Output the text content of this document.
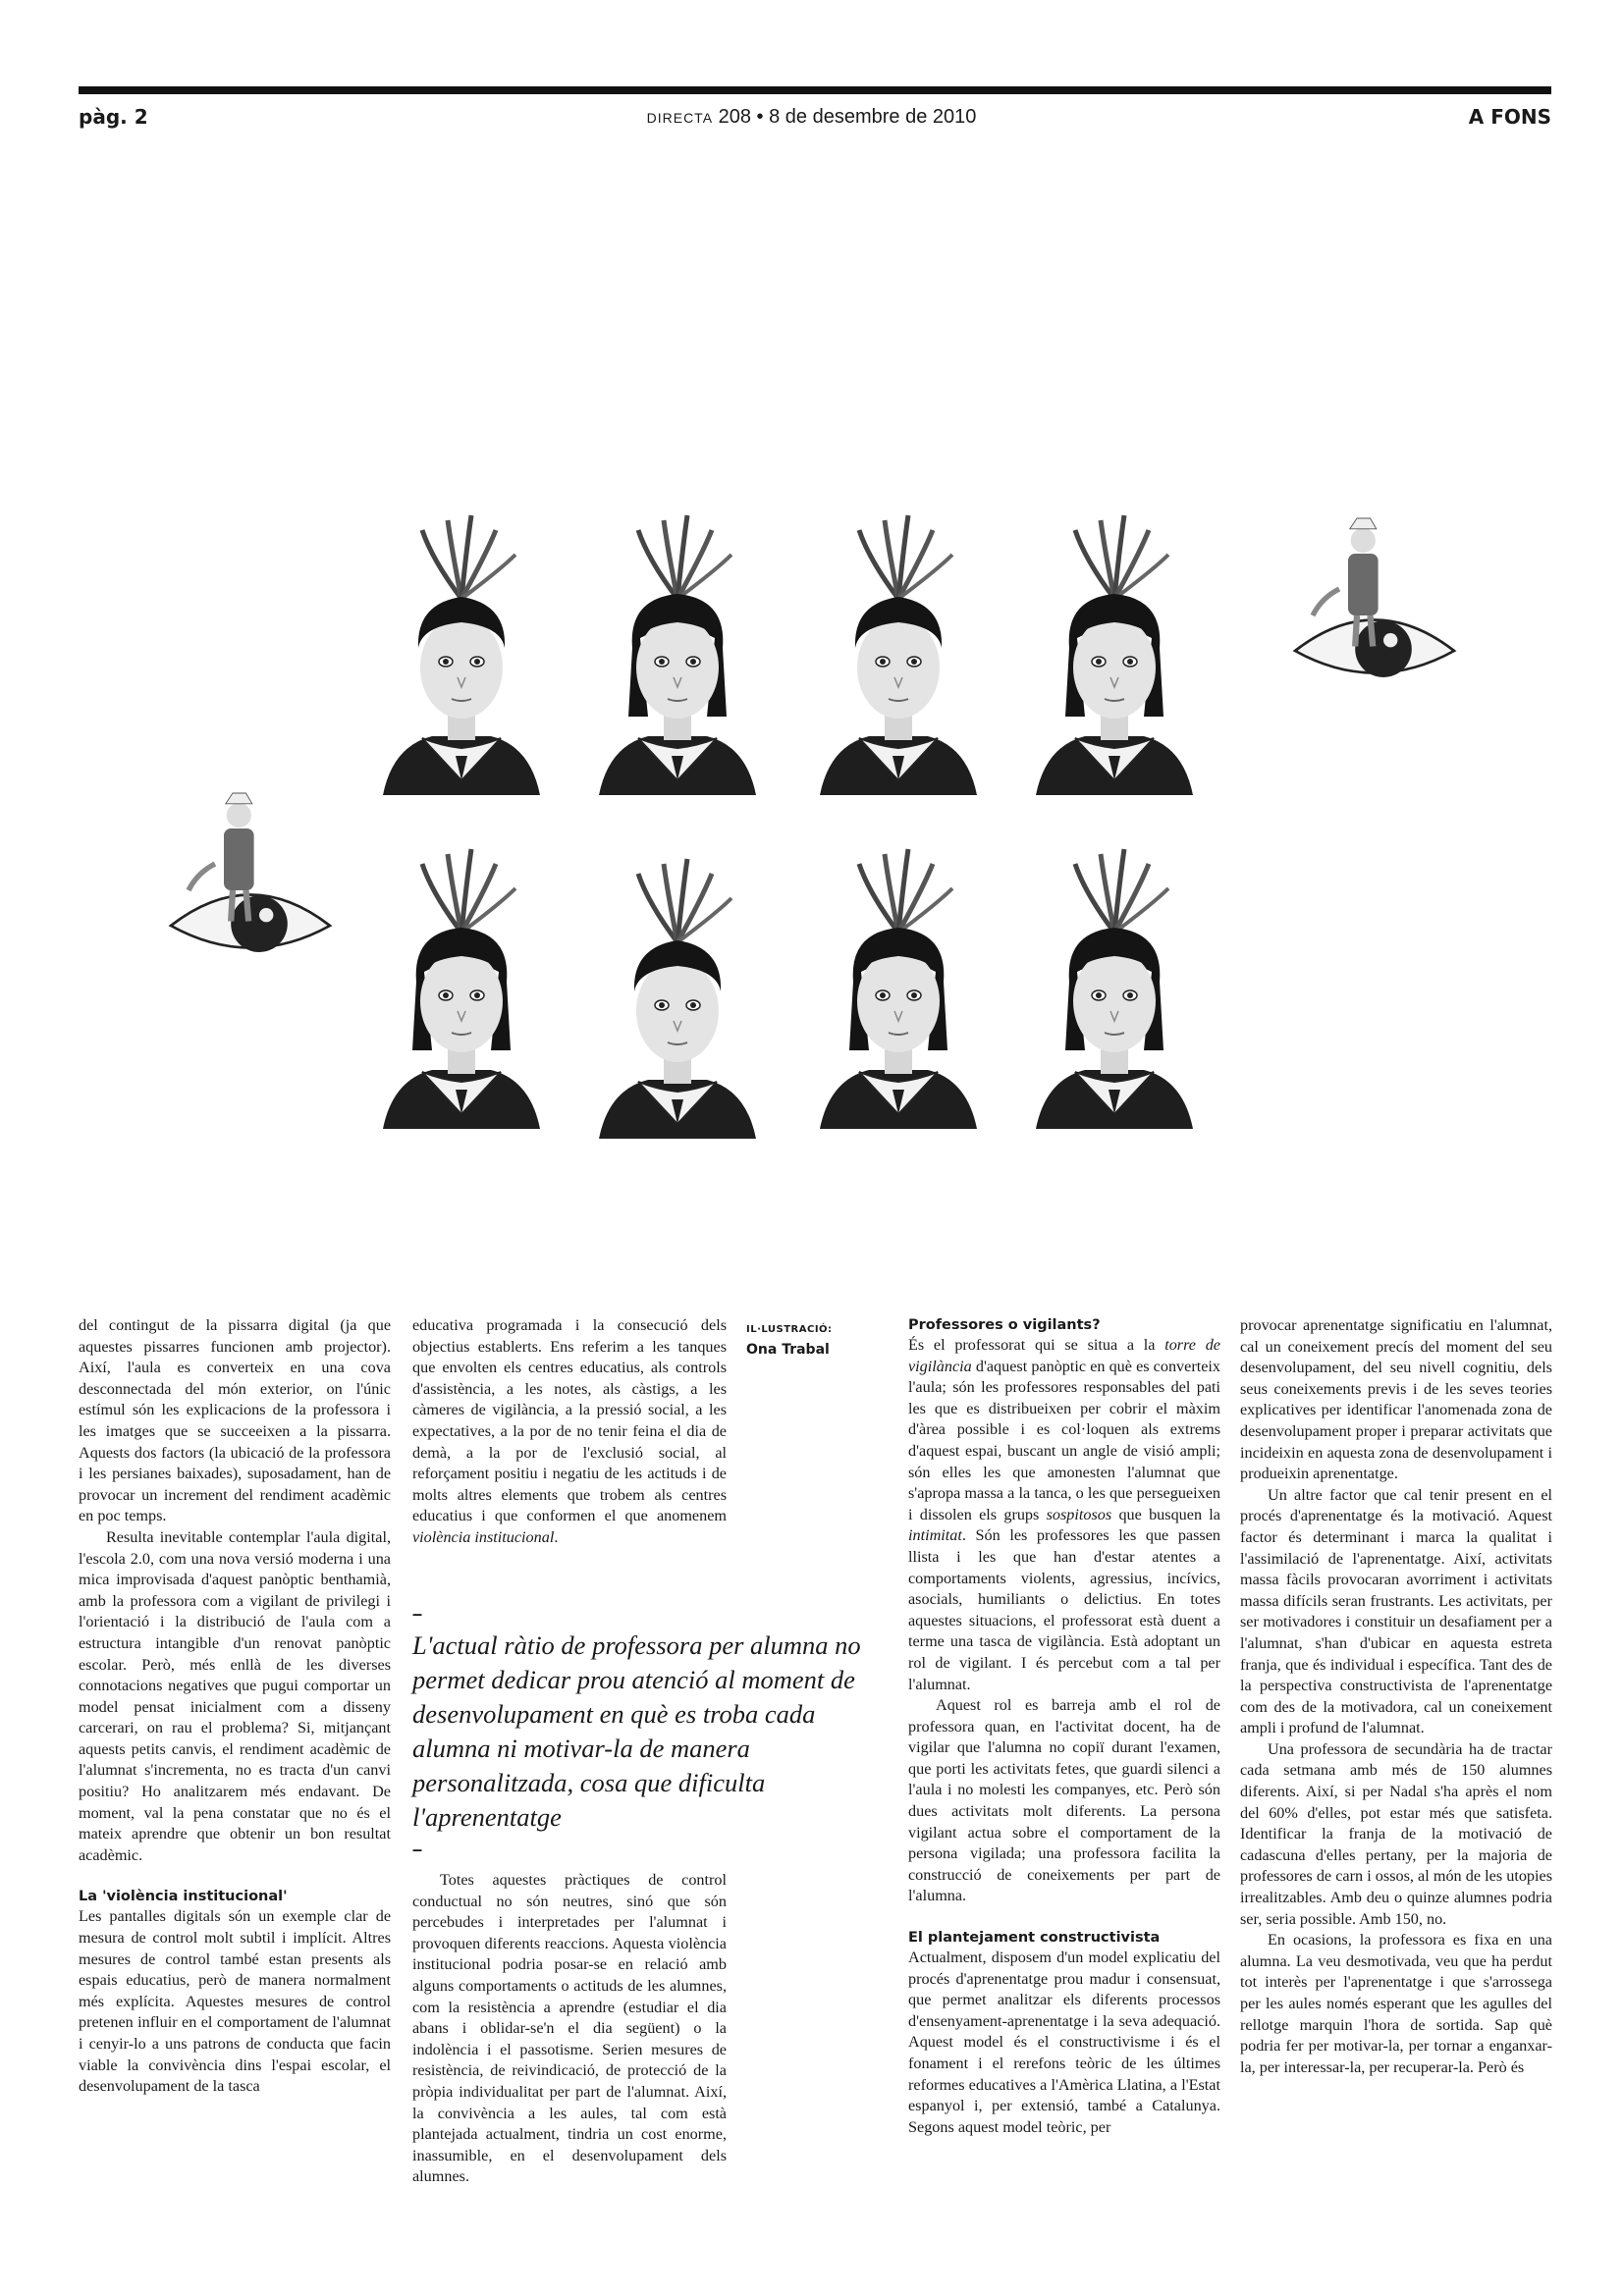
pàg. 2	DIRECTA 208 • 8 de desembre de 2010	A FONS

del contingut de la pissarra digital (ja que aquestes pissarres funcionen amb projector). Així, l'aula es converteix en una cova desconnectada del món exterior, on l'únic estímul són les explicacions de la professora i les imatges que se succeeixen a la pissarra. Aquests dos factors (la ubicació de la professora i les persianes baixades), suposadament, han de provocar un increment del rendiment acadèmic en poc temps.

Resulta inevitable contemplar l'aula digital, l'escola 2.0, com una nova versió moderna i una mica improvisada d'aquest panòptic benthamià, amb la professora com a vigilant de privilegi i l'orientació i la distribució de l'aula com a estructura intangible d'un renovat panòptic escolar. Però, més enllà de les diverses connotacions negatives que pugui comportar un model pensat inicialment com a disseny carcerari, on rau el problema? Si, mitjançant aquests petits canvis, el rendiment acadèmic de l'alumnat s'incrementa, no es tracta d'un canvi positiu? Ho analitzarem més endavant. De moment, val la pena constatar que no és el mateix aprendre que obtenir un bon resultat acadèmic.

La 'violència institucional'

Les pantalles digitals són un exemple clar de mesura de control molt subtil i implícit. Altres mesures de control també estan presents als espais educatius, però de manera normalment més explícita. Aquestes mesures de control pretenen influir en el comportament de l'alumnat i cenyir-lo a uns patrons de conducta que facin viable la convivència dins l'espai escolar, el desenvolupament de la tasca

educativa programada i la consecució dels objectius establerts. Ens referim a les tanques que envolten els centres educatius, als controls d'assistència, a les notes, als càstigs, a les càmeres de vigilància, a la pressió social, a les expectatives, a la por de no tenir feina el dia de demà, a la por de l'exclusió social, al reforçament positiu i negatiu de les actituds i de molts altres elements que trobem als centres educatius i que conformen el que anomenem violència institucional.

IL·LUSTRACIÓ:
Ona Trabal
–
L'actual ràtio de professora per alumna no permet dedicar prou atenció al moment de desenvolupament en què es troba cada alumna ni motivar-la de manera personalitzada, cosa que dificulta l'aprenentatge
–

Totes aquestes pràctiques de control conductual no són neutres, sinó que són percebudes i interpretades per l'alumnat i provoquen diferents reaccions. Aquesta violència institucional podria posar-se en relació amb alguns comportaments o actituds de les alumnes, com la resistència a aprendre (estudiar el dia abans i oblidar-se'n el dia següent) o la indolència i el passotisme. Serien mesures de resistència, de reivindicació, de protecció de la pròpia individualitat per part de l'alumnat. Així, la convivència a les aules, tal com està plantejada actualment, tindria un cost enorme, inassumible, en el desenvolupament dels alumnes.

Professores o vigilants?

És el professorat qui se situa a la torre de vigilància d'aquest panòptic en què es converteix l'aula; són les professores responsables del pati les que es distribueixen per cobrir el màxim d'àrea possible i es col·loquen als extrems d'aquest espai, buscant un angle de visió ampli; són elles les que amonesten l'alumnat que s'apropa massa a la tanca, o les que persegueixen i dissolen els grups sospitosos que busquen la intimitat. Són les professores les que passen llista i les que han d'estar atentes a comportaments violents, agressius, incívics, asocials, humiliants o delictius. En totes aquestes situacions, el professorat està duent a terme una tasca de vigilància. Està adoptant un rol de vigilant. I és percebut com a tal per l'alumnat.

Aquest rol es barreja amb el rol de professora quan, en l'activitat docent, ha de vigilar que l'alumna no copiï durant l'examen, que porti les activitats fetes, que guardi silenci a l'aula i no molesti les companyes, etc. Però són dues activitats molt diferents. La persona vigilant actua sobre el comportament de la persona vigilada; una professora facilita la construcció de coneixements per part de l'alumna.

El plantejament constructivista

Actualment, disposem d'un model explicatiu del procés d'aprenentatge prou madur i consensuat, que permet analitzar els diferents processos d'ensenyament-aprenentatge i la seva adequació. Aquest model és el constructivisme i és el fonament i el rerefons teòric de les últimes reformes educatives a l'Amèrica Llatina, a l'Estat espanyol i, per extensió, també a Catalunya. Segons aquest model teòric, per

provocar aprenentatge significatiu en l'alumnat, cal un coneixement precís del moment del seu desenvolupament, del seu nivell cognitiu, dels seus coneixements previs i de les seves teories explicatives per identificar l'anomenada zona de desenvolupament proper i preparar activitats que incideixin en aquesta zona de desenvolupament i produeixin aprenentatge.

Un altre factor que cal tenir present en el procés d'aprenentatge és la motivació. Aquest factor és determinant i marca la qualitat i l'assimilació de l'aprenentatge. Així, activitats massa fàcils provocaran avorriment i activitats massa difícils seran frustrants. Les activitats, per ser motivadores i constituir un desafiament per a l'alumnat, s'han d'ubicar en aquesta estreta franja, que és individual i específica. Tant des de la perspectiva constructivista de l'aprenentatge com des de la motivadora, cal un coneixement ampli i profund de l'alumnat.

Una professora de secundària ha de tractar cada setmana amb més de 150 alumnes diferents. Així, si per Nadal s'ha après el nom del 60% d'elles, pot estar més que satisfeta. Identificar la franja de la motivació de cadascuna d'elles pertany, per la majoria de professores de carn i ossos, al món de les utopies irrealitzables. Amb deu o quinze alumnes podria ser, seria possible. Amb 150, no.

En ocasions, la professora es fixa en una alumna. La veu desmotivada, veu que ha perdut tot interès per l'aprenentatge i que s'arrossega per les aules només esperant que les agulles del rellotge marquin l'hora de sortida. Sap què podria fer per motivar-la, per tornar a enganxar-la, per interessar-la, per recuperar-la. Però és
